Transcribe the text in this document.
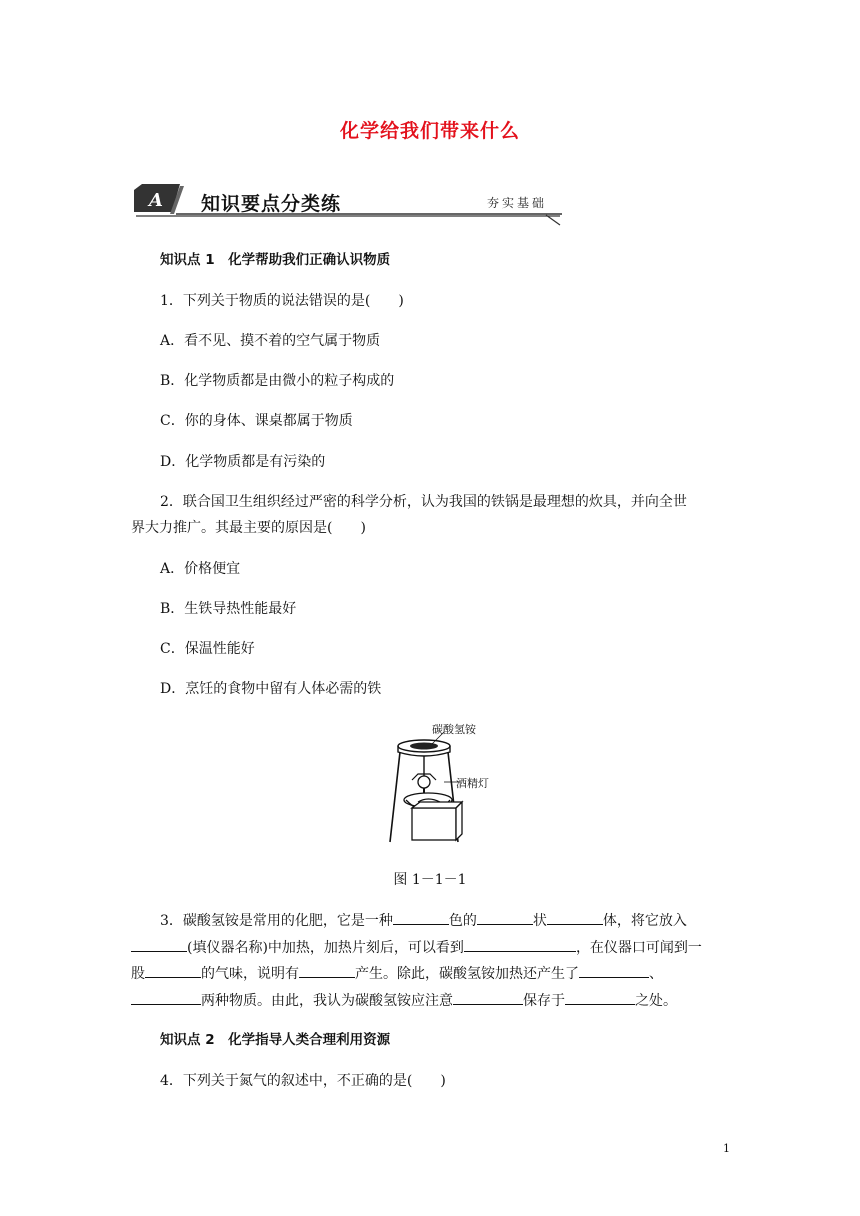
化学给我们带来什么
A 知识要点分类练	夯实基础
知识点 1　化学帮助我们正确认识物质
1．下列关于物质的说法错误的是(　　)
A．看不见、摸不着的空气属于物质
B．化学物质都是由微小的粒子构成的
C．你的身体、课桌都属于物质
D．化学物质都是有污染的
2．联合国卫生组织经过严密的科学分析，认为我国的铁锅是最理想的炊具，并向全世
界大力推广。其最主要的原因是(　　)
A．价格便宜
B．生铁导热性能最好
C．保温性能好
D．烹饪的食物中留有人体必需的铁
碳酸氢铵
酒精灯
图 1－1－1
3．碳酸氢铵是常用的化肥，它是一种	色的	状	体，将它放入
(填仪器名称)中加热，加热片刻后，可以看到	，在仪器口可闻到一
股	的气味，说明有	产生。除此，碳酸氢铵加热还产生了	、
两种物质。由此，我认为碳酸氢铵应注意	保存于	之处。
知识点 2　化学指导人类合理利用资源
4．下列关于氮气的叙述中，不正确的是(　　)
1
